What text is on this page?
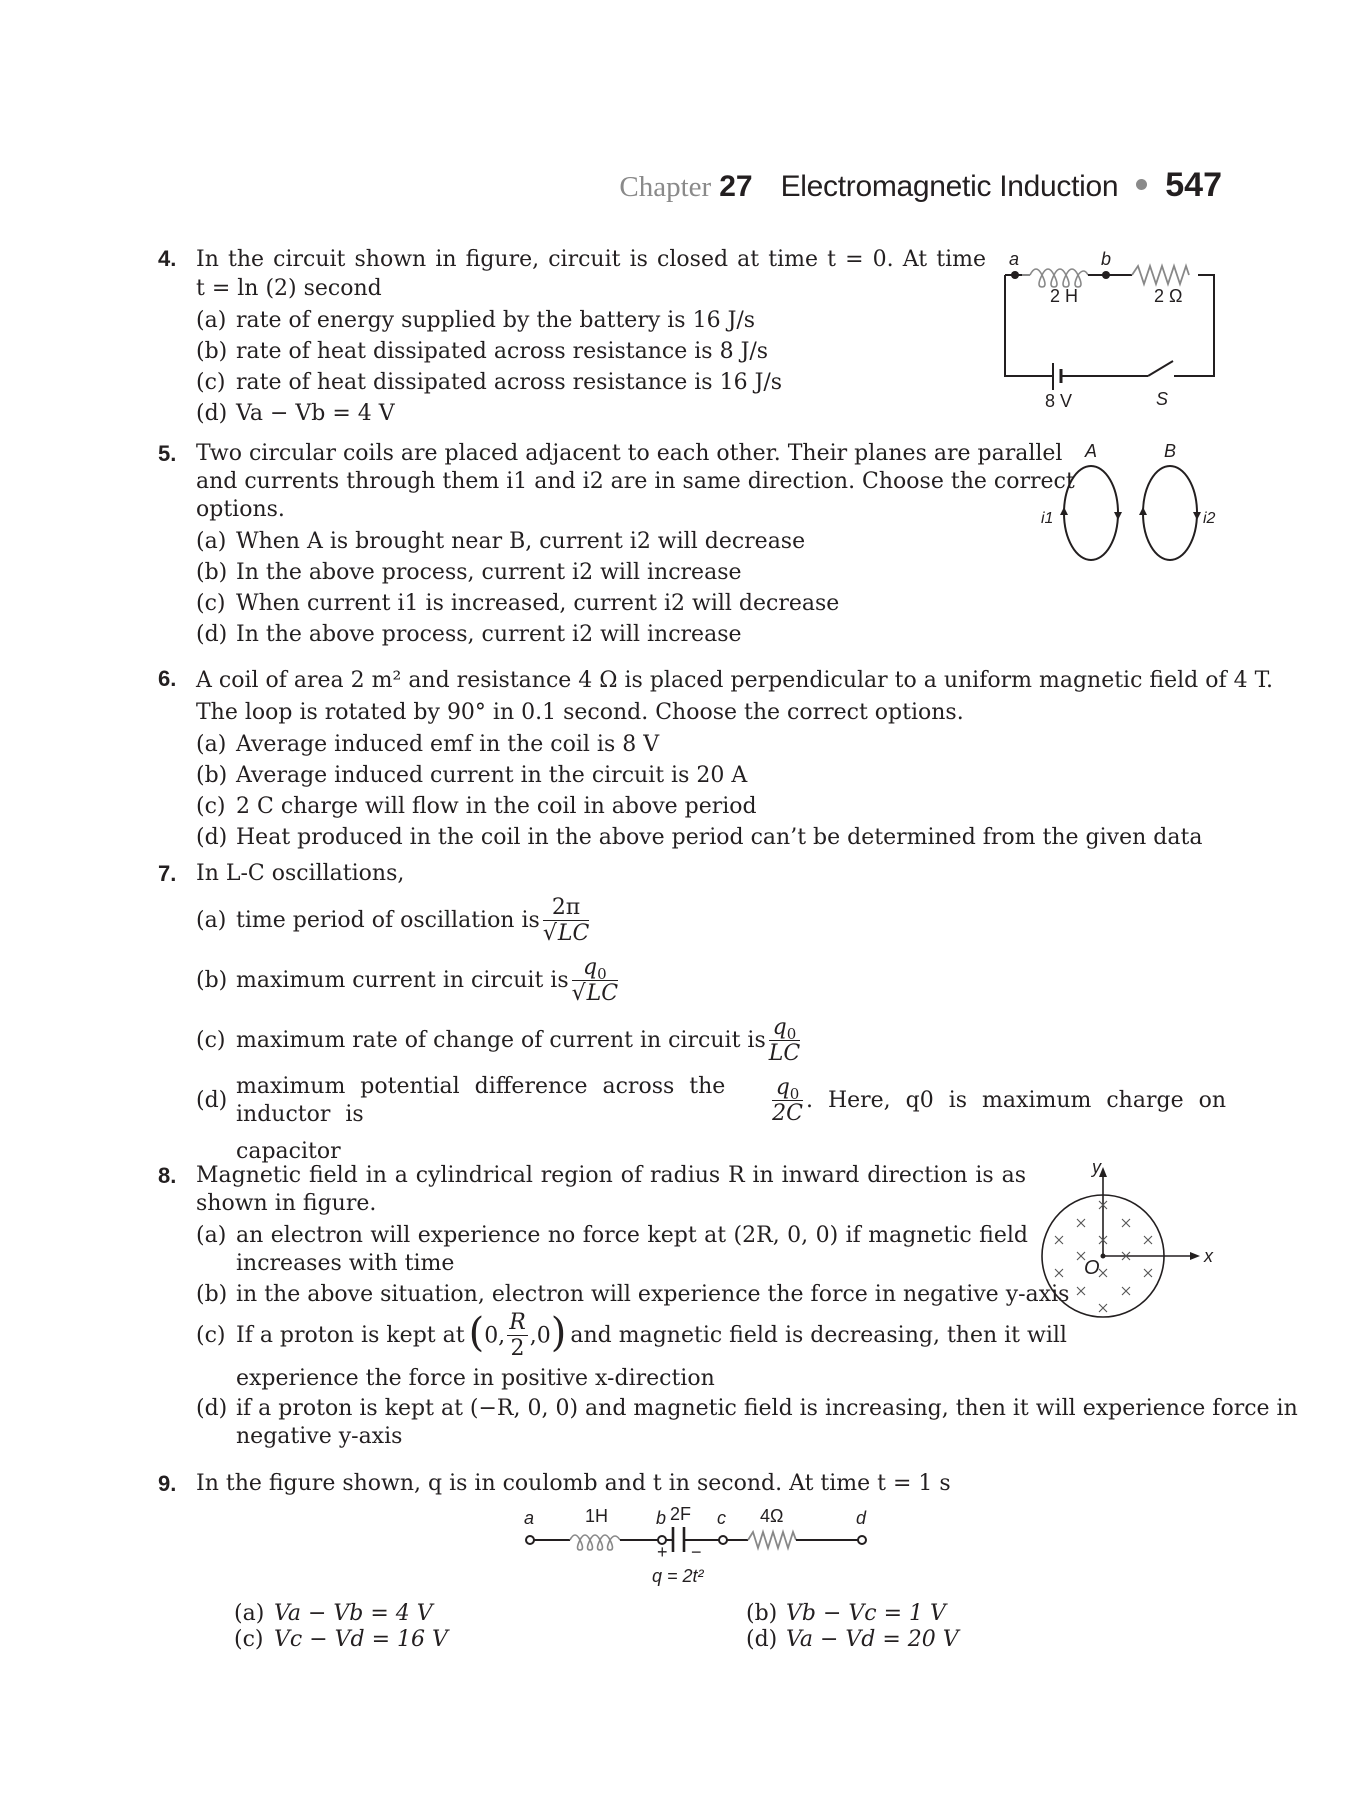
Chapter 27 Electromagnetic Induction 547
4. In the circuit shown in figure, circuit is closed at time t = 0. At time
t = ln (2) second
(a) rate of energy supplied by the battery is 16 J/s
(b) rate of heat dissipated across resistance is 8 J/s
(c) rate of heat dissipated across resistance is 16 J/s
(d) Va − Vb = 4 V
a	b
2 H	2 Ω
8 V	S
5. Two circular coils are placed adjacent to each other. Their planes are parallel
and currents through them i1 and i2 are in same direction. Choose the correct
options.
(a) When A is brought near B, current i2 will decrease
(b) In the above process, current i2 will increase
(c) When current i1 is increased, current i2 will decrease
(d) In the above process, current i2 will increase
A	B
i1	i2
6. A coil of area 2 m² and resistance 4 Ω is placed perpendicular to a uniform magnetic field of 4 T.
The loop is rotated by 90° in 0.1 second. Choose the correct options.
(a) Average induced emf in the coil is 8 V
(b) Average induced current in the circuit is 20 A
(c) 2 C charge will flow in the coil in above period
(d) Heat produced in the coil in the above period can’t be determined from the given data
7. In L-C oscillations,
(a) time period of oscillation is $\frac{2\pi}{√LC}$
(b) maximum current in circuit is $\frac{q_0}{√LC}$
(c) maximum rate of change of current in circuit is $\frac{q_0}{LC}$
(d)
maximum potential difference across the inductor is	$\frac{q_0}{2C}$ . Here, q0 is maximum charge on
capacitor
8. Magnetic field in a cylindrical region of radius R in inward direction is as
shown in figure.
(a) an electron will experience no force kept at (2R, 0, 0) if magnetic field
increases with time
(b) in the above situation, electron will experience the force in negative y-axis
(c) If a proton is kept at (0, $\frac{R}{2} ,0$) and magnetic field is decreasing, then it will
experience the force in positive x-direction
(d) if a proton is kept at (−R, 0, 0) and magnetic field is increasing, then it will experience force in
negative y-axis
y
x
O
9. In the figure shown, q is in coulomb and t in second. At time t = 1 s
a	b	c	d
1H	2F	4Ω
+ −
q = 2t²
(a) Va − Vb = 4 V	(b) Vb − Vc = 1 V
(c) Vc − Vd = 16 V	(d) Va − Vd = 20 V
